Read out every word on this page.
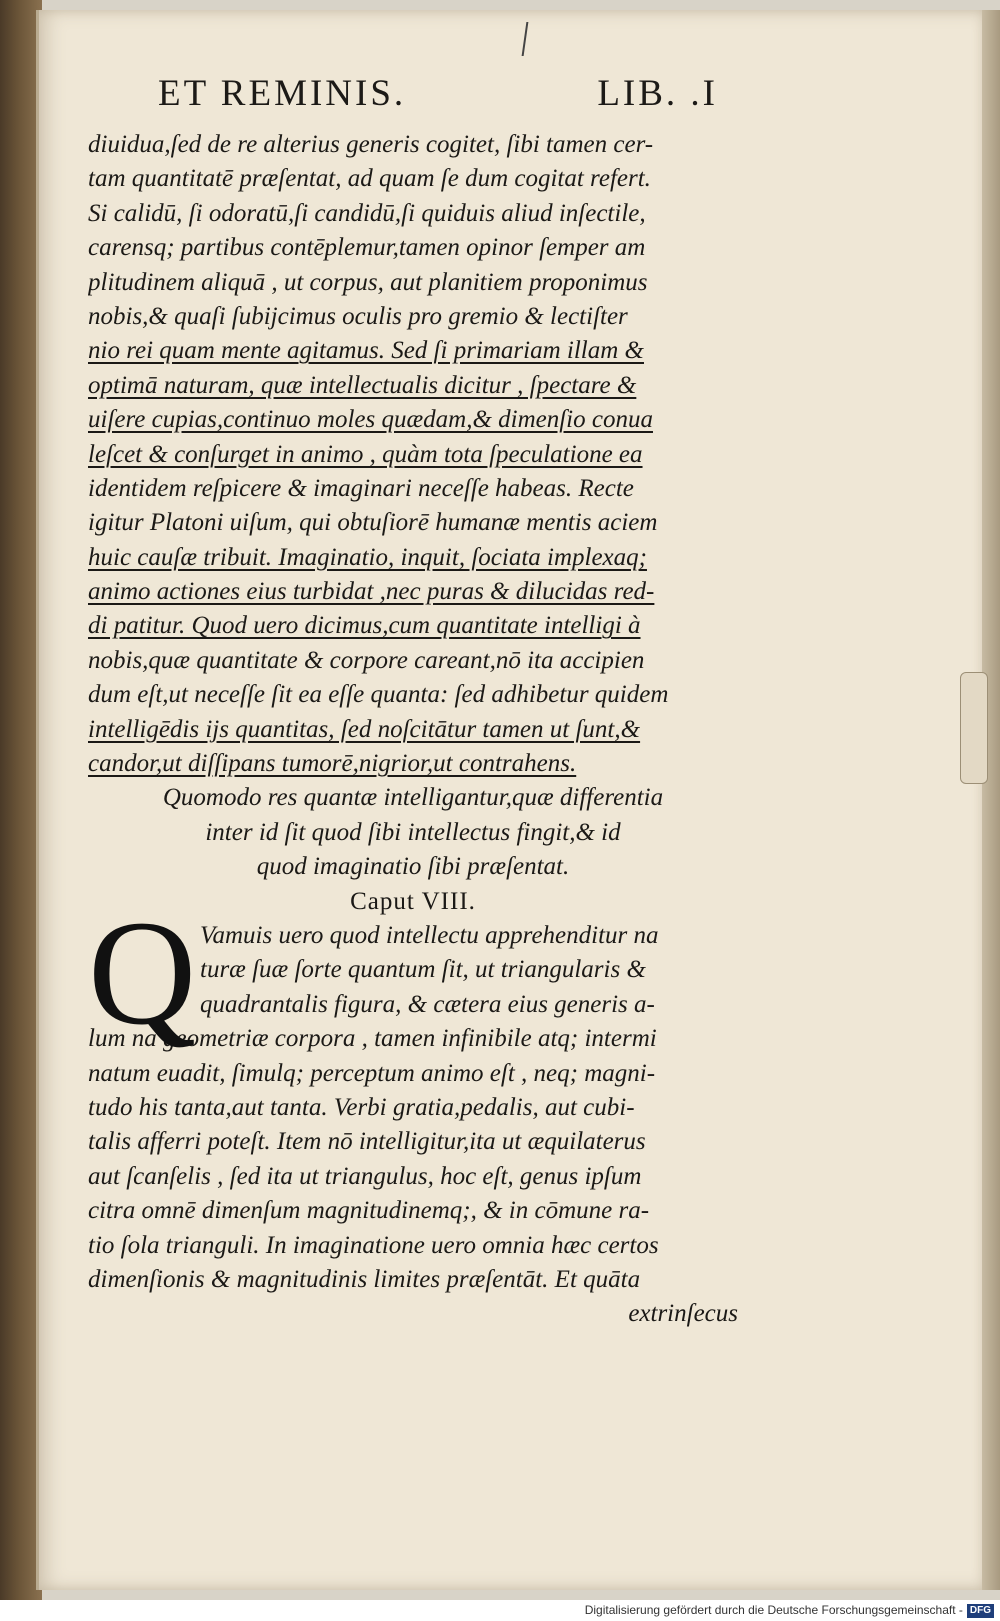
ET REMINIS.	LIB. .I
diuidua,ſed de re alterius generis cogitet, ſibi tamen cer-
tam quantitatē præſentat, ad quam ſe dum cogitat refert.
Si calidū, ſi odoratū,ſi candidū,ſi quiduis aliud inſectile,
carensq; partibus contēplemur,tamen opinor ſemper am
plitudinem aliquā , ut corpus, aut planitiem proponimus
nobis,& quaſi ſubijcimus oculis pro gremio & lectiſter
nio rei quam mente agitamus. Sed ſi primariam illam &
optimā naturam, quæ intellectualis dicitur , ſpectare &
uiſere cupias,continuo moles quædam,& dimenſio conua
leſcet & conſurget in animo , quàm tota ſpeculatione ea
identidem reſpicere & imaginari neceſſe habeas. Recte
igitur Platoni uiſum, qui obtuſiorē humanæ mentis aciem
huic cauſæ tribuit. Imaginatio, inquit, ſociata implexaq;
animo actiones eius turbidat ,nec puras & dilucidas red-
di patitur. Quod uero dicimus,cum quantitate intelligi à
nobis,quæ quantitate & corpore careant,nō ita accipien
dum eſt,ut neceſſe ſit ea eſſe quanta: ſed adhibetur quidem
intelligēdis ijs quantitas, ſed noſcitātur tamen ut ſunt,&
candor,ut diſſipans tumorē,nigrior,ut contrahens.
Quomodo res quantæ intelligantur,quæ differentia
inter id ſit quod ſibi intellectus fingit,& id
quod imaginatio ſibi præſentat.
Caput VIII.
Q Vamuis uero quod intellectu apprehenditur na
turæ ſuæ ſorte quantum ſit, ut triangularis &
quadrantalis figura, & cætera eius generis a-
lum na geometriæ corpora , tamen infinibile atq; intermi
natum euadit, ſimulq; perceptum animo eſt , neq; magni-
tudo his tanta,aut tanta. Verbi gratia,pedalis, aut cubi-
talis afferri poteſt. Item nō intelligitur,ita ut æquilaterus
aut ſcanſelis , ſed ita ut triangulus, hoc eſt, genus ipſum
citra omnē dimenſum magnitudinemq;, & in cōmune ra-
tio ſola trianguli. In imaginatione uero omnia hæc certos
dimenſionis & magnitudinis limites præſentāt. Et quāta
extrinſecus
Digitalisierung gefördert durch die Deutsche Forschungsgemeinschaft - DFG
